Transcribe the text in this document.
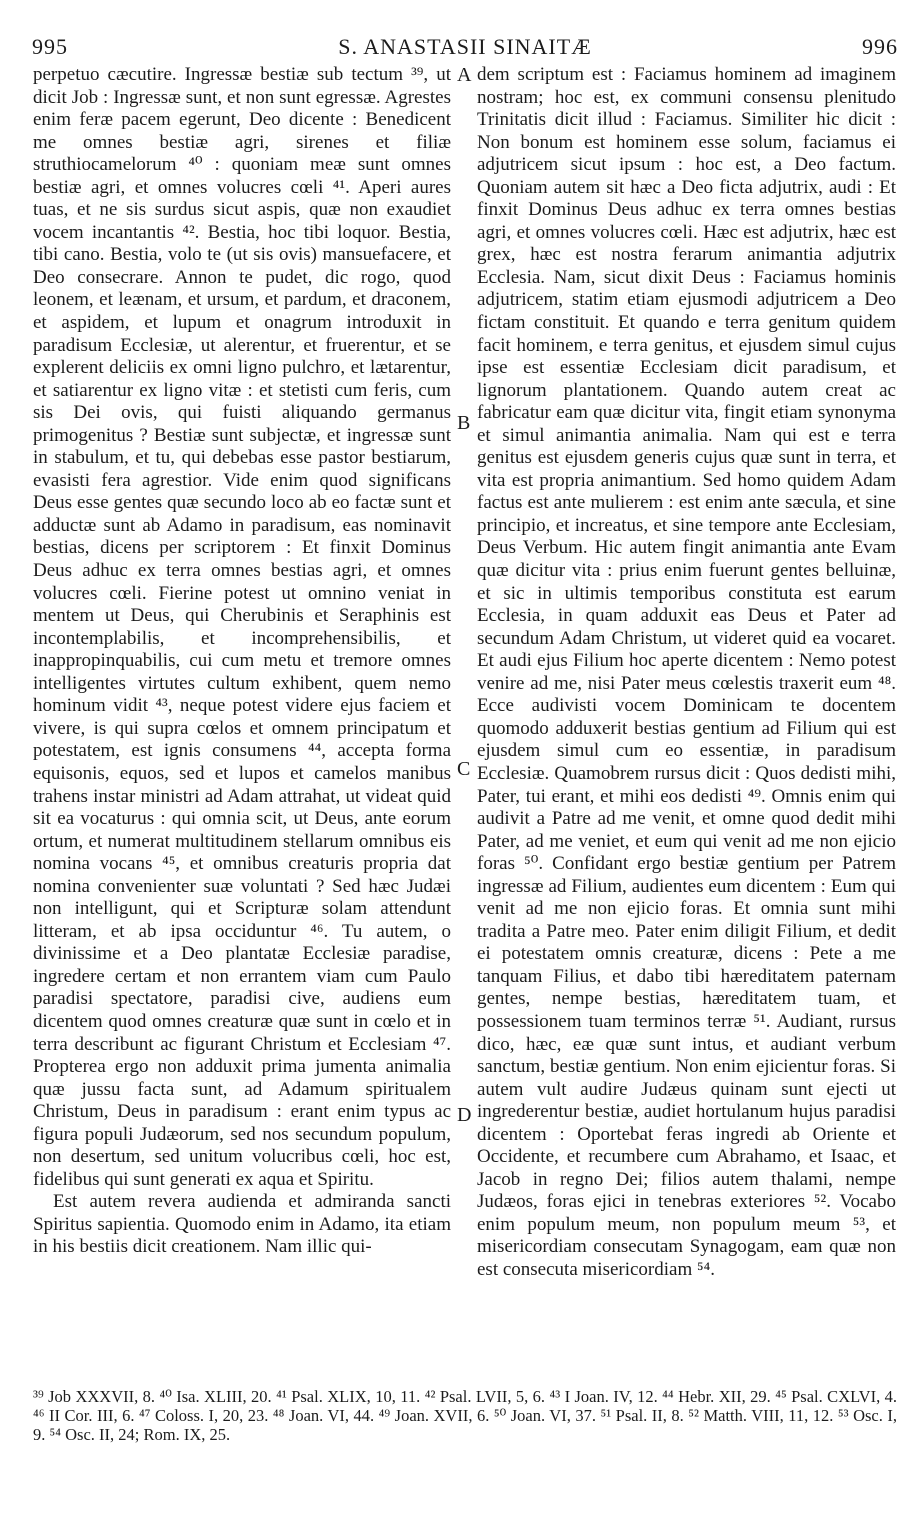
995	S. ANASTASII SINAITÆ	996

perpetuo cæcutire. Ingressæ bestiæ sub tectum ³⁹, ut dicit Job : Ingressæ sunt, et non sunt egressæ. Agrestes enim feræ pacem egerunt, Deo dicente : Benedicent me omnes bestiæ agri, sirenes et filiæ struthiocamelorum ⁴⁰ : quoniam meæ sunt omnes bestiæ agri, et omnes volucres cœli ⁴¹. Aperi aures tuas, et ne sis surdus sicut aspis, quæ non exaudiet vocem incantantis ⁴². Bestia, hoc tibi loquor. Bestia, tibi cano. Bestia, volo te (ut sis ovis) mansuefacere, et Deo consecrare. Annon te pudet, dic rogo, quod leonem, et leænam, et ursum, et pardum, et draconem, et aspidem, et lupum et onagrum introduxit in paradisum Ecclesiæ, ut alerentur, et fruerentur, et se explerent deliciis ex omni ligno pulchro, et lætarentur, et satiarentur ex ligno vitæ : et stetisti cum feris, cum sis Dei ovis, qui fuisti aliquando germanus primogenitus ? Bestiæ sunt subjectæ, et ingressæ sunt in stabulum, et tu, qui debebas esse pastor bestiarum, evasisti fera agrestior. Vide enim quod significans Deus esse gentes quæ secundo loco ab eo factæ sunt et adductæ sunt ab Adamo in paradisum, eas nominavit bestias, dicens per scriptorem : Et finxit Dominus Deus adhuc ex terra omnes bestias agri, et omnes volucres cœli. Fierine potest ut omnino veniat in mentem ut Deus, qui Cherubinis et Seraphinis est incontemplabilis, et incomprehensibilis, et inappropinquabilis, cui cum metu et tremore omnes intelligentes virtutes cultum exhibent, quem nemo hominum vidit ⁴³, neque potest videre ejus faciem et vivere, is qui supra cœlos et omnem principatum et potestatem, est ignis consumens ⁴⁴, accepta forma equisonis, equos, sed et lupos et camelos manibus trahens instar ministri ad Adam attrahat, ut videat quid sit ea vocaturus : qui omnia scit, ut Deus, ante eorum ortum, et numerat multitudinem stellarum omnibus eis nomina vocans ⁴⁵, et omnibus creaturis propria dat nomina convenienter suæ voluntati ? Sed hæc Judæi non intelligunt, qui et Scripturæ solam attendunt litteram, et ab ipsa occiduntur ⁴⁶. Tu autem, o divinissime et a Deo plantatæ Ecclesiæ paradise, ingredere certam et non errantem viam cum Paulo paradisi spectatore, paradisi cive, audiens eum dicentem quod omnes creaturæ quæ sunt in cœlo et in terra describunt ac figurant Christum et Ecclesiam ⁴⁷. Propterea ergo non adduxit prima jumenta animalia quæ jussu facta sunt, ad Adamum spiritualem Christum, Deus in paradisum : erant enim typus ac figura populi Judæorum, sed nos secundum populum, non desertum, sed unitum volucribus cœli, hoc est, fidelibus qui sunt generati ex aqua et Spiritu.

Est autem revera audienda et admiranda sancti Spiritus sapientia. Quomodo enim in Adamo, ita etiam in his bestiis dicit creationem. Nam illic qui-

A
B
C
D

dem scriptum est : Faciamus hominem ad imaginem nostram; hoc est, ex communi consensu plenitudo Trinitatis dicit illud : Faciamus. Similiter hic dicit : Non bonum est hominem esse solum, faciamus ei adjutricem sicut ipsum : hoc est, a Deo factum. Quoniam autem sit hæc a Deo ficta adjutrix, audi : Et finxit Dominus Deus adhuc ex terra omnes bestias agri, et omnes volucres cœli. Hæc est adjutrix, hæc est grex, hæc est nostra ferarum animantia adjutrix Ecclesia. Nam, sicut dixit Deus : Faciamus hominis adjutricem, statim etiam ejusmodi adjutricem a Deo fictam constituit. Et quando e terra genitum quidem facit hominem, e terra genitus, et ejusdem simul cujus ipse est essentiæ Ecclesiam dicit paradisum, et lignorum plantationem. Quando autem creat ac fabricatur eam quæ dicitur vita, fingit etiam synonyma et simul animantia animalia. Nam qui est e terra genitus est ejusdem generis cujus quæ sunt in terra, et vita est propria animantium. Sed homo quidem Adam factus est ante mulierem : est enim ante sæcula, et sine principio, et increatus, et sine tempore ante Ecclesiam, Deus Verbum. Hic autem fingit animantia ante Evam quæ dicitur vita : prius enim fuerunt gentes belluinæ, et sic in ultimis temporibus constituta est earum Ecclesia, in quam adduxit eas Deus et Pater ad secundum Adam Christum, ut videret quid ea vocaret. Et audi ejus Filium hoc aperte dicentem : Nemo potest venire ad me, nisi Pater meus cœlestis traxerit eum ⁴⁸. Ecce audivisti vocem Dominicam te docentem quomodo adduxerit bestias gentium ad Filium qui est ejusdem simul cum eo essentiæ, in paradisum Ecclesiæ. Quamobrem rursus dicit : Quos dedisti mihi, Pater, tui erant, et mihi eos dedisti ⁴⁹. Omnis enim qui audivit a Patre ad me venit, et omne quod dedit mihi Pater, ad me veniet, et eum qui venit ad me non ejicio foras ⁵⁰. Confidant ergo bestiæ gentium per Patrem ingressæ ad Filium, audientes eum dicentem : Eum qui venit ad me non ejicio foras. Et omnia sunt mihi tradita a Patre meo. Pater enim diligit Filium, et dedit ei potestatem omnis creaturæ, dicens : Pete a me tanquam Filius, et dabo tibi hæreditatem paternam gentes, nempe bestias, hæreditatem tuam, et possessionem tuam terminos terræ ⁵¹. Audiant, rursus dico, hæc, eæ quæ sunt intus, et audiant verbum sanctum, bestiæ gentium. Non enim ejicientur foras. Si autem vult audire Judæus quinam sunt ejecti ut ingrederentur bestiæ, audiet hortulanum hujus paradisi dicentem : Oportebat feras ingredi ab Oriente et Occidente, et recumbere cum Abrahamo, et Isaac, et Jacob in regno Dei; filios autem thalami, nempe Judæos, foras ejici in tenebras exteriores ⁵². Vocabo enim populum meum, non populum meum ⁵³, et misericordiam consecutam Synagogam, eam quæ non est consecuta misericordiam ⁵⁴.

³⁹ Job XXXVII, 8. ⁴⁰ Isa. XLIII, 20. ⁴¹ Psal. XLIX, 10, 11. ⁴² Psal. LVII, 5, 6. ⁴³ I Joan. IV, 12. ⁴⁴ Hebr. XII, 29. ⁴⁵ Psal. CXLVI, 4. ⁴⁶ II Cor. III, 6. ⁴⁷ Coloss. I, 20, 23. ⁴⁸ Joan. VI, 44. ⁴⁹ Joan. XVII, 6. ⁵⁰ Joan. VI, 37. ⁵¹ Psal. II, 8. ⁵² Matth. VIII, 11, 12. ⁵³ Osc. I, 9. ⁵⁴ Osc. II, 24; Rom. IX, 25.
